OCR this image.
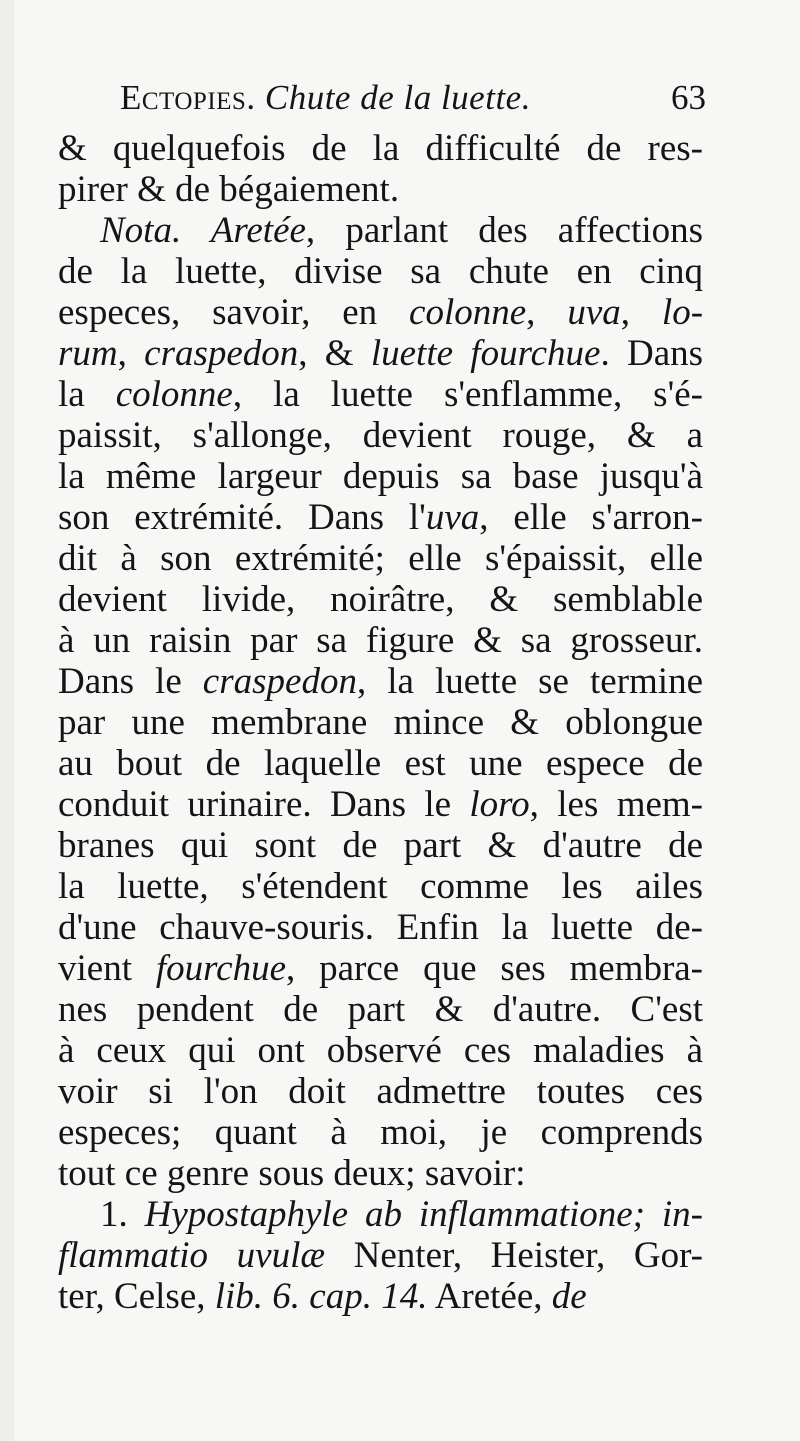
Ectopies. Chute de la luette.	63
& quelquefois de la difficulté de res-
pirer & de bégaiement.
Nota. Aretée, parlant des affections
de la luette, divise sa chute en cinq
especes, savoir, en colonne, uva, lo-
rum, craspedon, & luette fourchue. Dans
la colonne, la luette s'enflamme, s'é-
paissit, s'allonge, devient rouge, & a
la même largeur depuis sa base jusqu'à
son extrémité. Dans l'uva, elle s'arron-
dit à son extrémité; elle s'épaissit, elle
devient livide, noirâtre, & semblable
à un raisin par sa figure & sa grosseur.
Dans le craspedon, la luette se termine
par une membrane mince & oblongue
au bout de laquelle est une espece de
conduit urinaire. Dans le loro, les mem-
branes qui sont de part & d'autre de
la luette, s'étendent comme les ailes
d'une chauve-souris. Enfin la luette de-
vient fourchue, parce que ses membra-
nes pendent de part & d'autre. C'est
à ceux qui ont observé ces maladies à
voir si l'on doit admettre toutes ces
especes; quant à moi, je comprends
tout ce genre sous deux; savoir:
1. Hypostaphyle ab inflammatione; in-
flammatio uvulæ Nenter, Heister, Gor-
ter, Celse, lib. 6. cap. 14. Aretée, de
